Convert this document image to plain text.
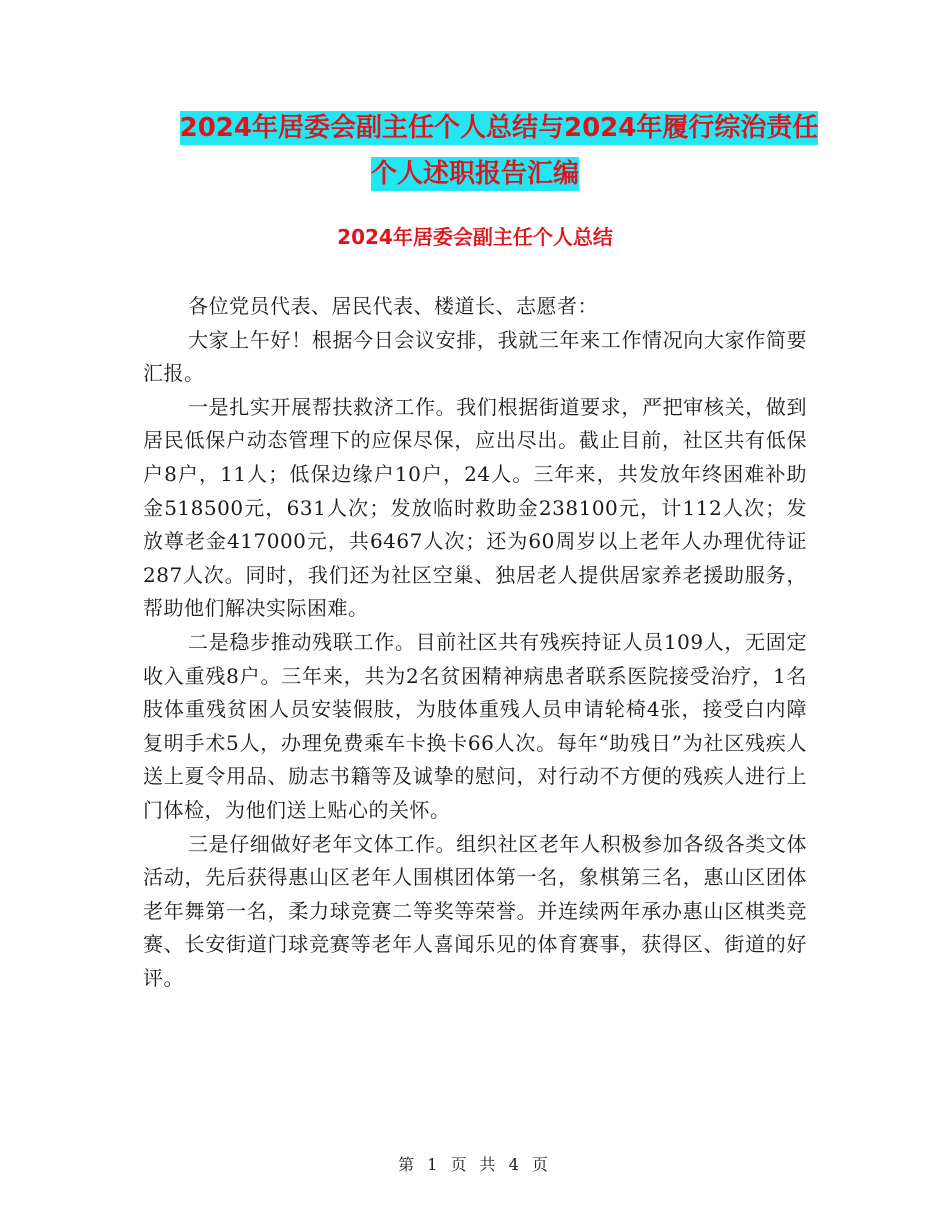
2024年居委会副主任个人总结与2024年履行综治责任
个人述职报告汇编
2024年居委会副主任个人总结

各位党员代表、居民代表、楼道长、志愿者：

大家上午好！根据今日会议安排，我就三年来工作情况向大家作简要汇报。

一是扎实开展帮扶救济工作。我们根据街道要求，严把审核关，做到居民低保户动态管理下的应保尽保，应出尽出。截止目前，社区共有低保户8户，11人；低保边缘户10户，24人。三年来，共发放年终困难补助金518500元，631人次；发放临时救助金238100元，计112人次；发放尊老金417000元，共6467人次；还为60周岁以上老年人办理优待证287人次。同时，我们还为社区空巢、独居老人提供居家养老援助服务，帮助他们解决实际困难。

二是稳步推动残联工作。目前社区共有残疾持证人员109人，无固定收入重残8户。三年来，共为2名贫困精神病患者联系医院接受治疗，1名肢体重残贫困人员安装假肢，为肢体重残人员申请轮椅4张，接受白内障复明手术5人，办理免费乘车卡换卡66人次。每年“助残日”为社区残疾人送上夏令用品、励志书籍等及诚挚的慰问，对行动不方便的残疾人进行上门体检，为他们送上贴心的关怀。

三是仔细做好老年文体工作。组织社区老年人积极参加各级各类文体活动，先后获得惠山区老年人围棋团体第一名，象棋第三名，惠山区团体老年舞第一名，柔力球竞赛二等奖等荣誉。并连续两年承办惠山区棋类竞赛、长安街道门球竞赛等老年人喜闻乐见的体育赛事，获得区、街道的好评。

第 1 页 共 4 页
